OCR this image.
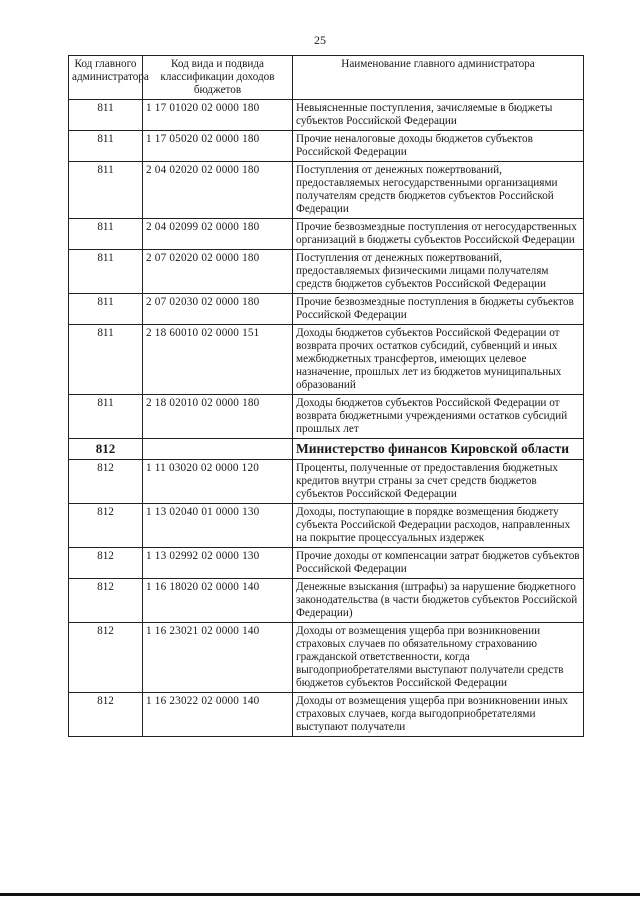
25
Код главного администратора	Код вида и подвида классификации доходов бюджетов	Наименование главного администратора
811	1 17 01020 02 0000 180	Невыясненные поступления, зачисляемые в бюджеты субъектов Российской Федерации
811	1 17 05020 02 0000 180	Прочие неналоговые доходы бюджетов субъектов Российской Федерации
811	2 04 02020 02 0000 180	Поступления от денежных пожертвований, предоставляемых негосударственными организациями получателям средств бюджетов субъектов Российской Федерации
811	2 04 02099 02 0000 180	Прочие безвозмездные поступления от негосударственных организаций в бюджеты субъектов Российской Федерации
811	2 07 02020 02 0000 180	Поступления от денежных пожертвований, предоставляемых физическими лицами получателям средств бюджетов субъектов Российской Федерации
811	2 07 02030 02 0000 180	Прочие безвозмездные поступления в бюджеты субъектов Российской Федерации
811	2 18 60010 02 0000 151	Доходы бюджетов субъектов Российской Федерации от возврата прочих остатков субсидий, субвенций и иных межбюджетных трансфертов, имеющих целевое назначение, прошлых лет из бюджетов муниципальных образований
811	2 18 02010 02 0000 180	Доходы бюджетов субъектов Российской Федерации от возврата бюджетными учреждениями остатков субсидий прошлых лет
812		Министерство финансов Кировской области
812	1 11 03020 02 0000 120	Проценты, полученные от предоставления бюджетных кредитов внутри страны за счет средств бюджетов субъектов Российской Федерации
812	1 13 02040 01 0000 130	Доходы, поступающие в порядке возмещения бюджету субъекта Российской Федерации расходов, направленных на покрытие процессуальных издержек
812	1 13 02992 02 0000 130	Прочие доходы от компенсации затрат бюджетов субъектов Российской Федерации
812	1 16 18020 02 0000 140	Денежные взыскания (штрафы) за нарушение бюджетного законодательства (в части бюджетов субъектов Российской Федерации)
812	1 16 23021 02 0000 140	Доходы от возмещения ущерба при возникновении страховых случаев по обязательному страхованию гражданской ответственности, когда выгодоприобретателями выступают получатели средств бюджетов субъектов Российской Федерации
812	1 16 23022 02 0000 140	Доходы от возмещения ущерба при возникновении иных страховых случаев, когда выгодоприобретателями выступают получатели
